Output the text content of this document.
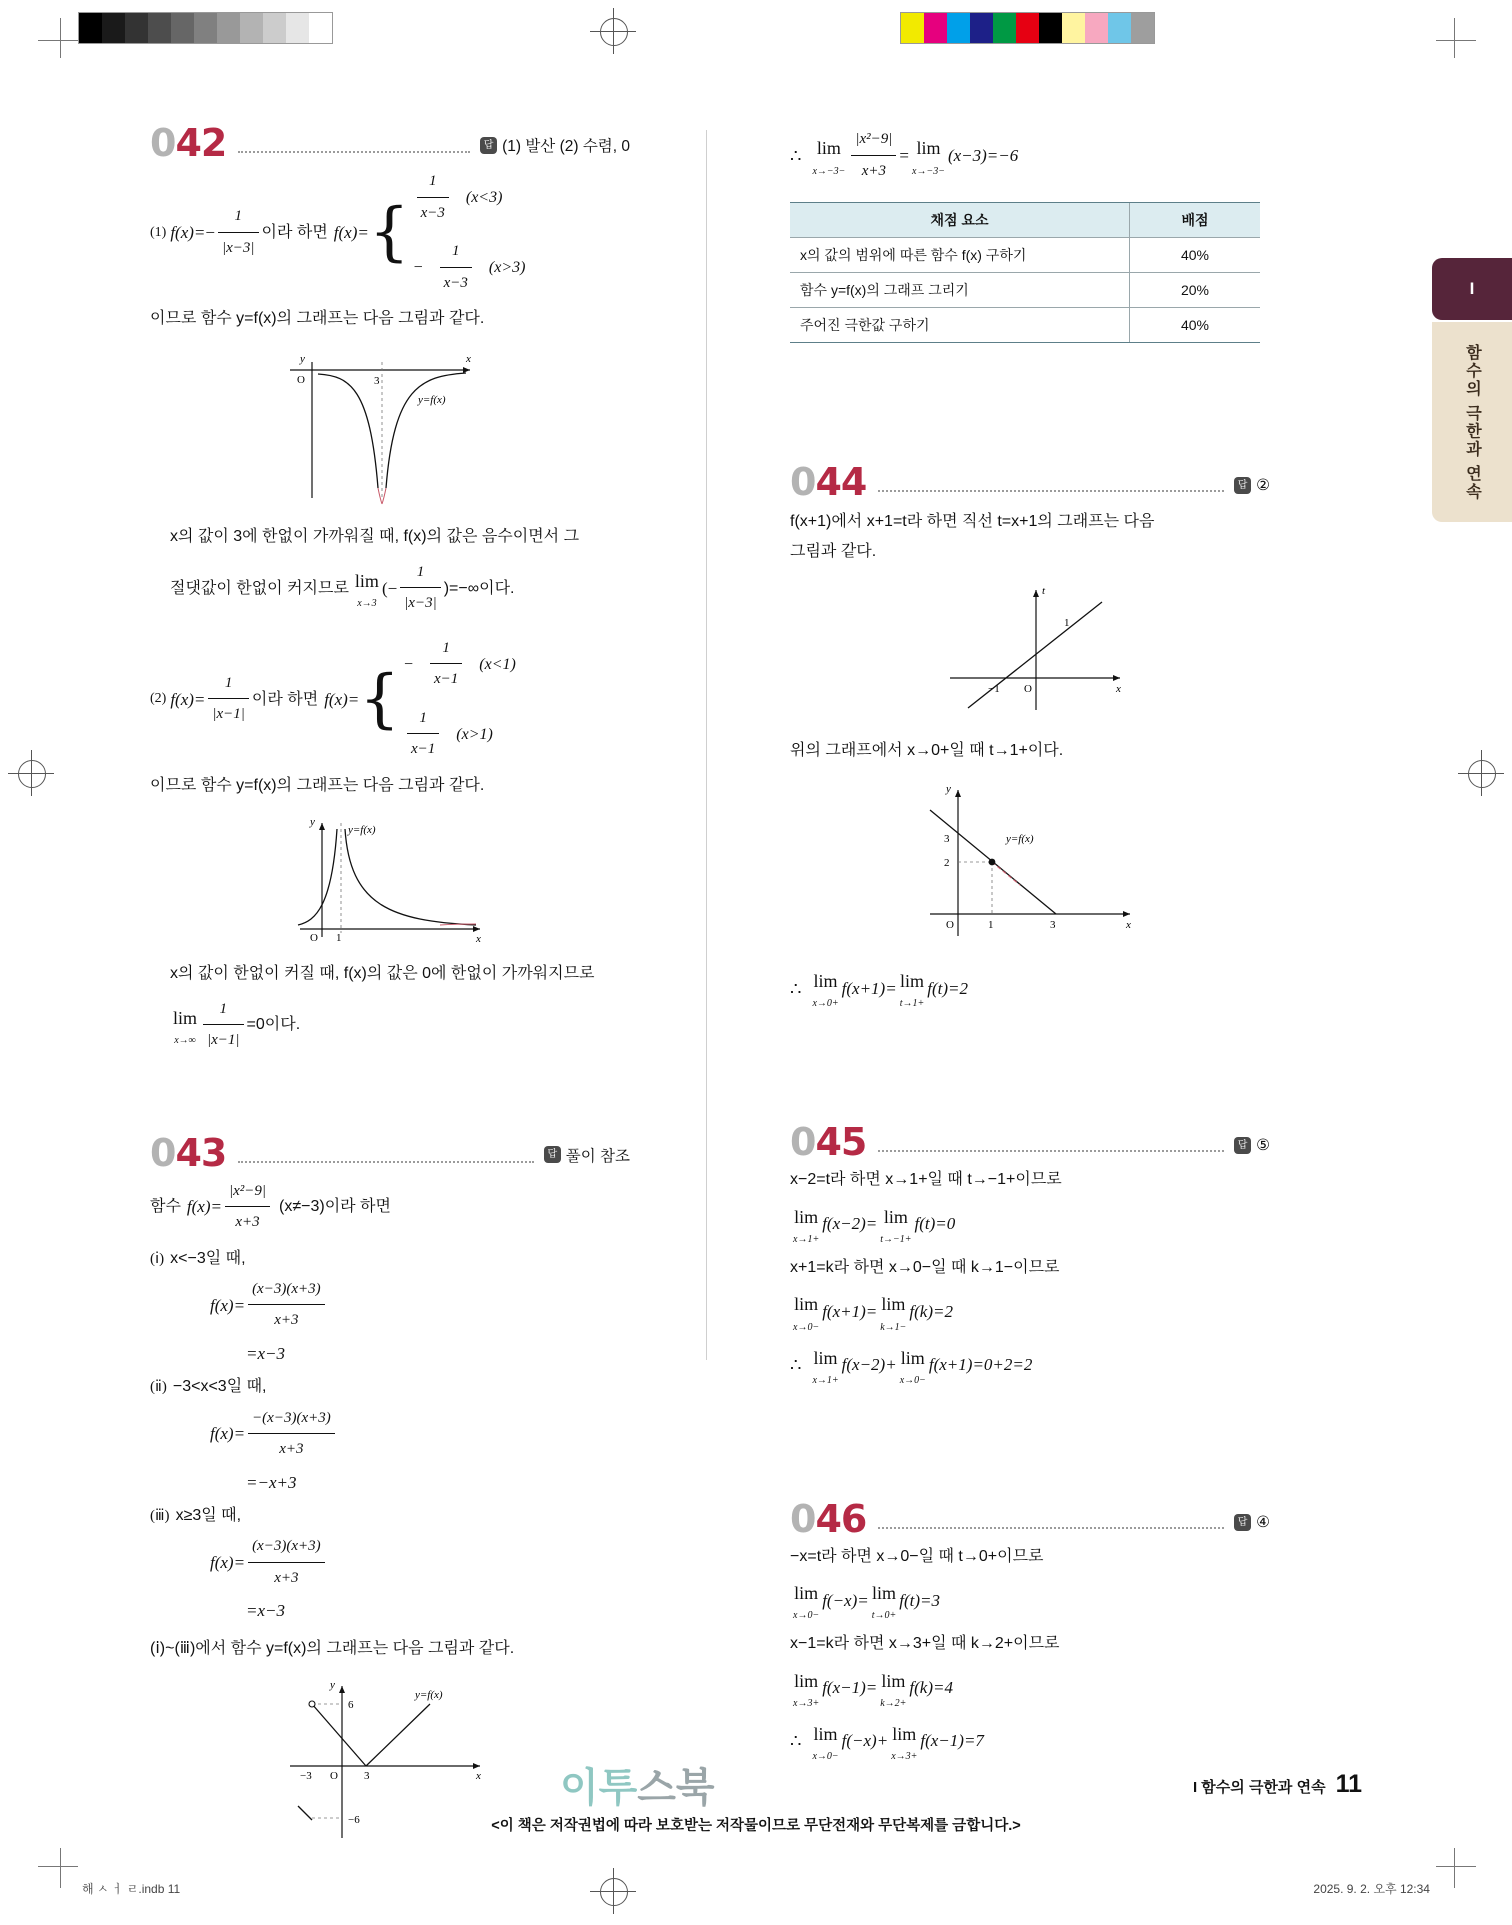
I
함수의 극한과 연속
042	답 (1) 발산 (2) 수렴, 0
(1) $f(x)= - \frac{1}{|x-3|}$ 이라 하면 f(x)= { $\frac{1}{x-3} (x<3)$
− $\frac{1}{x-3} (x>3)$
이므로 함수 y=f(x)의 그래프는 다음 그림과 같다.
y	x
O	3
y=f(x)
x의 값이 3에 한없이 가까워질 때, f(x)의 값은 음수이면서 그
절댓값이 한없이 커지므로 lim
x→3
(− $\frac{1}{|x-3|}$ )=−∞이다.
(2) $f(x)= \frac{1}{|x-1|}$ 이라 하면 f(x)= { − $\frac{1}{x-1} (x<1)$
$\frac{1}{x-1} (x>1)$
이므로 함수 y=f(x)의 그래프는 다음 그림과 같다.
y
x
O 1
y=f(x)
x의 값이 한없이 커질 때, f(x)의 값은 0에 한없이 가까워지므로
lim
$x\to\infty \frac{1}{|x-1|} =0$이다.
043	답 풀이 참조
함수 $f(x)= \frac{\text{|x²−9|}}{x+3} (x\ne-3)$이라 하면
(ⅰ) x<−3일 때,
$f(x)= \frac{(x-3)(x+3)}{x+3}$
=x−3
(ⅱ) −3<x<3일 때,
$f(x)= \frac{-(x-3)(x+3)}{x+3}$
=−x+3
(ⅲ) x≥3일 때,
$f(x)= \frac{(x-3)(x+3)}{x+3}$
=x−3
(ⅰ)~(ⅲ)에서 함수 y=f(x)의 그래프는 다음 그림과 같다.
y
x
O
−3	3
6
−6
y=f(x)
∴ lim
$x\to-3- \frac{\text{|x²−9|}}{x+3} = \lim$
x→−3−
(x−3)=−6
채점 요소	배점
x의 값의 범위에 따른 함수 f(x) 구하기	40%
함수 y=f(x)의 그래프 그리기	20%
주어진 극한값 구하기	40%
044	답 ②
f(x+1)에서 x+1=t라 하면 직선 t=x+1의 그래프는 다음
그림과 같다.
t
x
O
−1
1
위의 그래프에서 x→0+일 때 t→1+이다.
y
x
O	1	3
3
2
y=f(x)
∴ lim
x→0+
f(x+1)= lim
t→1+
f(t)=2
045	답 ⑤
x−2=t라 하면 x→1+일 때 t→−1+이므로
lim
x→1+
f(x−2)= lim
t→−1+
f(t)=0
x+1=k라 하면 x→0−일 때 k→1−이므로
lim
x→0−
f(x+1)= lim
k→1−
f(k)=2
∴ lim
x→1+
f(x−2)+ lim
x→0−
f(x+1)=0+2=2
046	답 ④
−x=t라 하면 x→0−일 때 t→0+이므로
lim
x→0−
f(−x)= lim
t→0+
f(t)=3
x−1=k라 하면 x→3+일 때 k→2+이므로
lim
x→3+
f(x−1)= lim
k→2+
f(k)=4
∴ lim
x→0−
f(−x)+ lim
x→3+
f(x−1)=7
이투스북
<이 책은 저작권법에 따라 보호받는 저작물이므로 무단전재와 무단복제를 금합니다.>
I 함수의 극한과 연속 11
해 ㅅ ㅓ ㄹ.indb 11	2025. 9. 2. 오후 12:34
